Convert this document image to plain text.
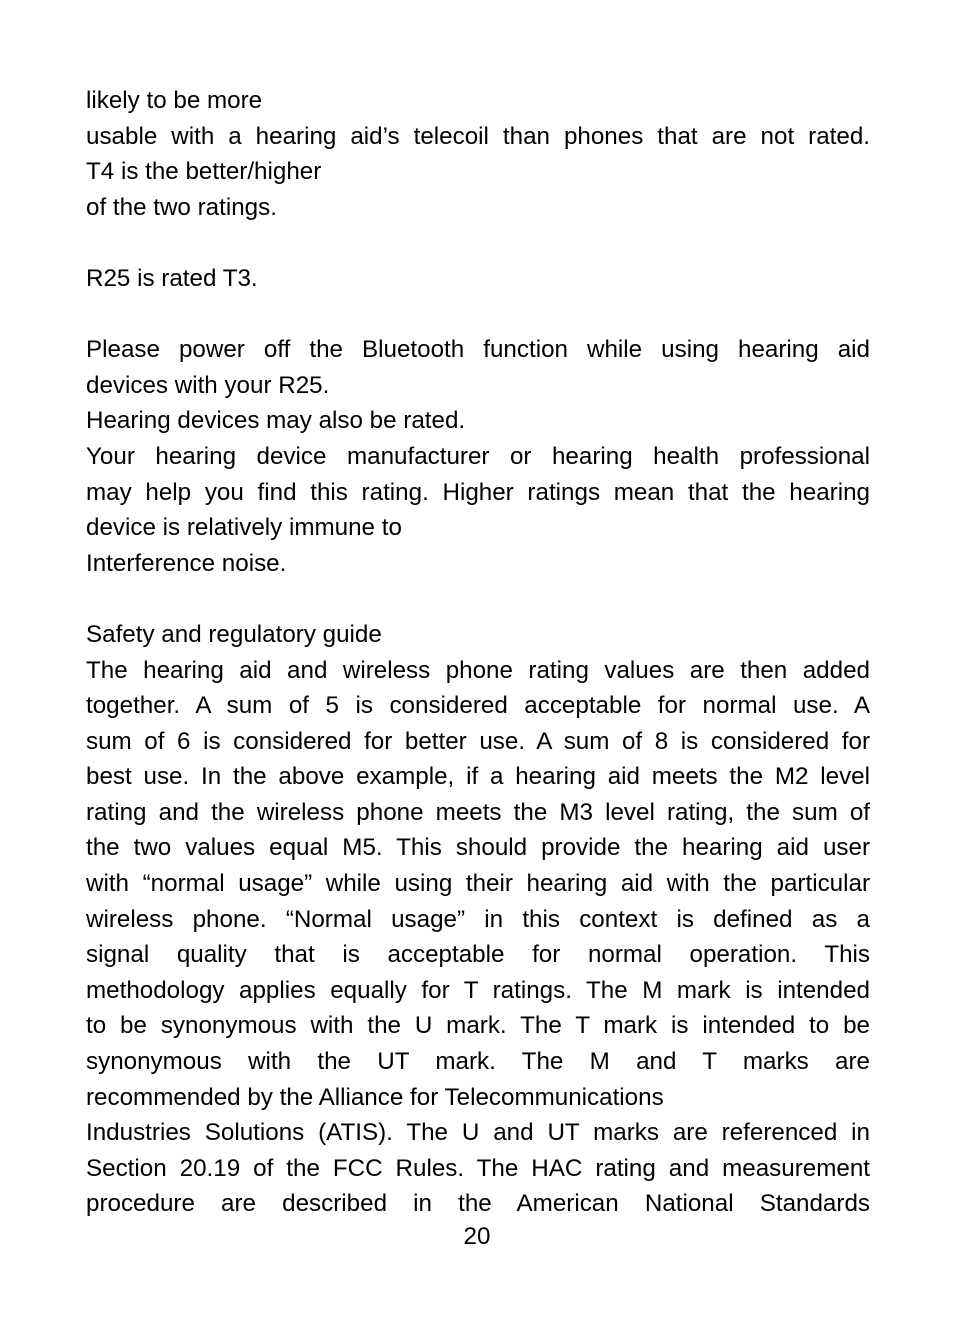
likely to be more
usable with a hearing aid’s telecoil than phones that are not rated.
T4 is the better/higher
of the two ratings.
R25 is rated T3.
Please power off the Bluetooth function while using hearing aid
devices with your R25.
Hearing devices may also be rated.
Your hearing device manufacturer or hearing health professional
may help you find this rating. Higher ratings mean that the hearing
device is relatively immune to
Interference noise.
Safety and regulatory guide
The hearing aid and wireless phone rating values are then added
together. A sum of 5 is considered acceptable for normal use. A
sum of 6 is considered for better use. A sum of 8 is considered for
best use. In the above example, if a hearing aid meets the M2 level
rating and the wireless phone meets the M3 level rating, the sum of
the two values equal M5. This should provide the hearing aid user
with “normal usage” while using their hearing aid with the particular
wireless phone. “Normal usage” in this context is defined as a
signal quality that is acceptable for normal operation. This
methodology applies equally for T ratings. The M mark is intended
to be synonymous with the U mark. The T mark is intended to be
synonymous with the UT mark. The M and T marks are
recommended by the Alliance for Telecommunications
Industries Solutions (ATIS). The U and UT marks are referenced in
Section 20.19 of the FCC Rules. The HAC rating and measurement
procedure are described in the American National Standards
20
